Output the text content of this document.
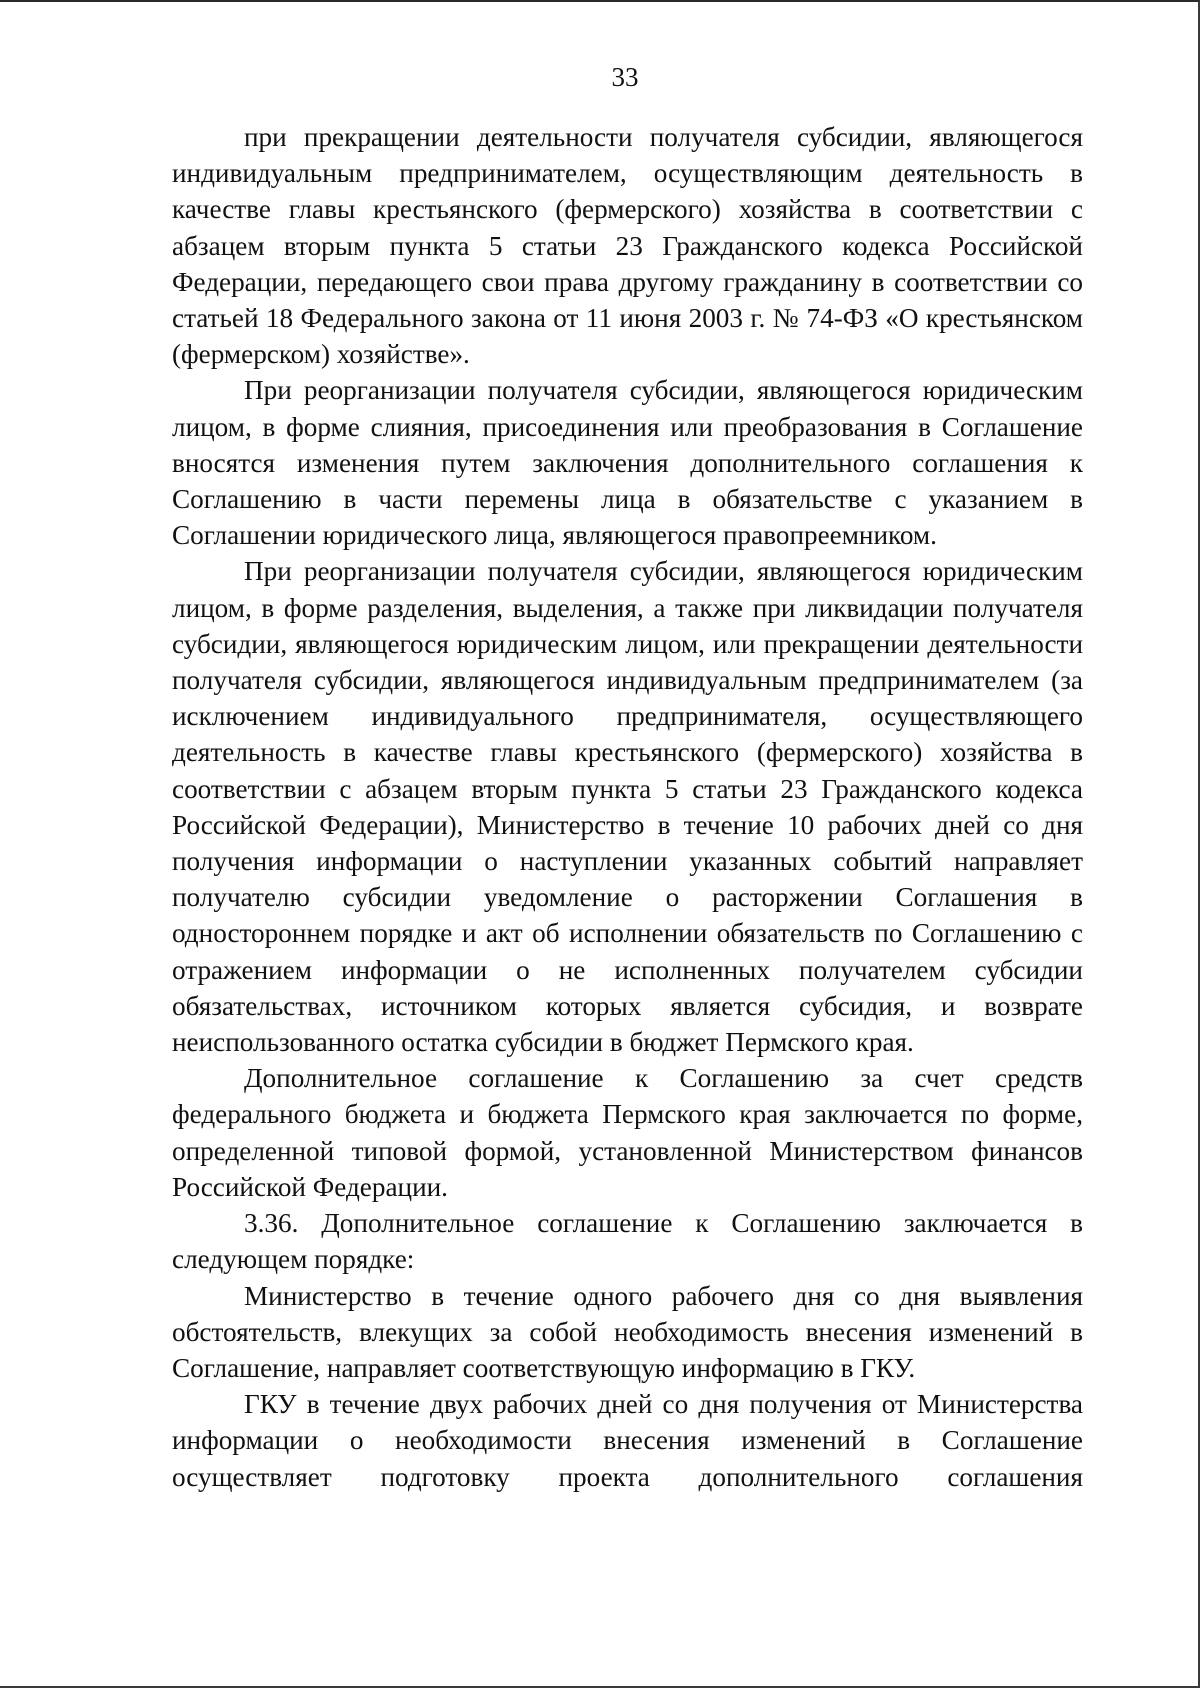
33

при прекращении деятельности получателя субсидии, являющегося индивидуальным предпринимателем, осуществляющим деятельность в качестве главы крестьянского (фермерского) хозяйства в соответствии с абзацем вторым пункта 5 статьи 23 Гражданского кодекса Российской Федерации, передающего свои права другому гражданину в соответствии со статьей 18 Федерального закона от 11 июня 2003 г. № 74-ФЗ «О крестьянском (фермерском) хозяйстве».

При реорганизации получателя субсидии, являющегося юридическим лицом, в форме слияния, присоединения или преобразования в Соглашение вносятся изменения путем заключения дополнительного соглашения к Соглашению в части перемены лица в обязательстве с указанием в Соглашении юридического лица, являющегося правопреемником.

При реорганизации получателя субсидии, являющегося юридическим лицом, в форме разделения, выделения, а также при ликвидации получателя субсидии, являющегося юридическим лицом, или прекращении деятельности получателя субсидии, являющегося индивидуальным предпринимателем (за исключением индивидуального предпринимателя, осуществляющего деятельность в качестве главы крестьянского (фермерского) хозяйства в соответствии с абзацем вторым пункта 5 статьи 23 Гражданского кодекса Российской Федерации), Министерство в течение 10 рабочих дней со дня получения информации о наступлении указанных событий направляет получателю субсидии уведомление о расторжении Соглашения в одностороннем порядке и акт об исполнении обязательств по Соглашению с отражением информации о не исполненных получателем субсидии обязательствах, источником которых является субсидия, и возврате неиспользованного остатка субсидии в бюджет Пермского края.

Дополнительное соглашение к Соглашению за счет средств федерального бюджета и бюджета Пермского края заключается по форме, определенной типовой формой, установленной Министерством финансов Российской Федерации.

3.36. Дополнительное соглашение к Соглашению заключается в следующем порядке:

Министерство в течение одного рабочего дня со дня выявления обстоятельств, влекущих за собой необходимость внесения изменений в Соглашение, направляет соответствующую информацию в ГКУ.

ГКУ в течение двух рабочих дней со дня получения от Министерства информации о необходимости внесения изменений в Соглашение осуществляет подготовку проекта дополнительного соглашения
